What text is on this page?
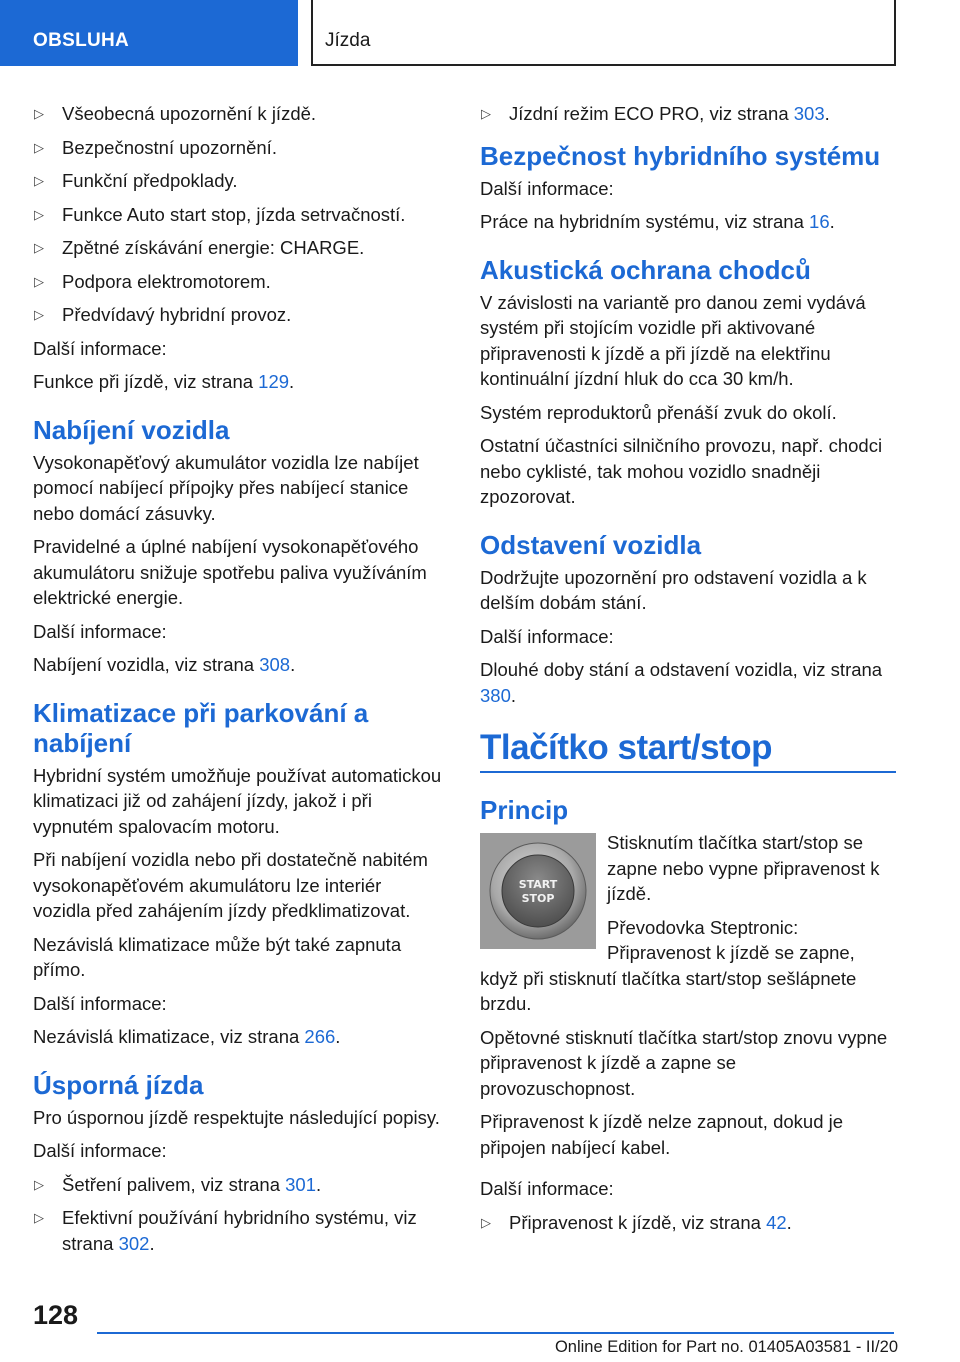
OBSLUHA	Jízda
▷ Všeobecná upozornění k jízdě.
▷ Bezpečnostní upozornění.
▷ Funkční předpoklady.
▷ Funkce Auto start stop, jízda setrvačností.
▷ Zpětné získávání energie: CHARGE.
▷ Podpora elektromotorem.
▷ Předvídavý hybridní provoz.

Další informace:

Funkce při jízdě, viz strana 129.

Nabíjení vozidla

Vysokonapěťový akumulátor vozidla lze nabíjet pomocí nabíjecí přípojky přes nabíjecí stanice nebo domácí zásuvky.

Pravidelné a úplné nabíjení vysokonapěťového akumulátoru snižuje spotřebu paliva využíváním elektrické energie.

Další informace:

Nabíjení vozidla, viz strana 308.

Klimatizace při parkování a nabíjení

Hybridní systém umožňuje používat automatickou klimatizaci již od zahájení jízdy, jakož i při vypnutém spalovacím motoru.

Při nabíjení vozidla nebo při dostatečně nabitém vysokonapěťovém akumulátoru lze interiér vozidla před zahájením jízdy předklimatizovat.

Nezávislá klimatizace může být také zapnuta přímo.

Další informace:

Nezávislá klimatizace, viz strana 266.

Úsporná jízda

Pro úspornou jízdě respektujte následující popisy.

Další informace:

▷ Šetření palivem, viz strana 301.
▷ Efektivní používání hybridního systému, viz strana 302.
▷ Jízdní režim ECO PRO, viz strana 303.
Bezpečnost hybridního systému

Další informace:

Práce na hybridním systému, viz strana 16.

Akustická ochrana chodců

V závislosti na variantě pro danou zemi vydává systém při stojícím vozidle při aktivované připravenosti k jízdě a při jízdě na elektřinu kontinuální jízdní hluk do cca 30 km/h.

Systém reproduktorů přenáší zvuk do okolí.

Ostatní účastníci silničního provozu, např. chodci nebo cyklisté, tak mohou vozidlo snadněji zpozorovat.

Odstavení vozidla

Dodržujte upozornění pro odstavení vozidla a k delším dobám stání.

Další informace:

Dlouhé doby stání a odstavení vozidla, viz strana 380.

Tlačítko start/stop
Princip
START
STOP

Stisknutím tlačítka start/stop se zapne nebo vypne připravenost k jízdě.

Převodovka Steptronic: Připravenost k jízdě se zapne, když při stisknutí tlačítka start/stop sešlápnete brzdu.

Opětovné stisknutí tlačítka start/stop znovu vypne připravenost k jízdě a zapne se provozuschopnost.

Připravenost k jízdě nelze zapnout, dokud je připojen nabíjecí kabel.

Další informace:

▷ Připravenost k jízdě, viz strana 42.
128
Online Edition for Part no. 01405A03581 - II/20
